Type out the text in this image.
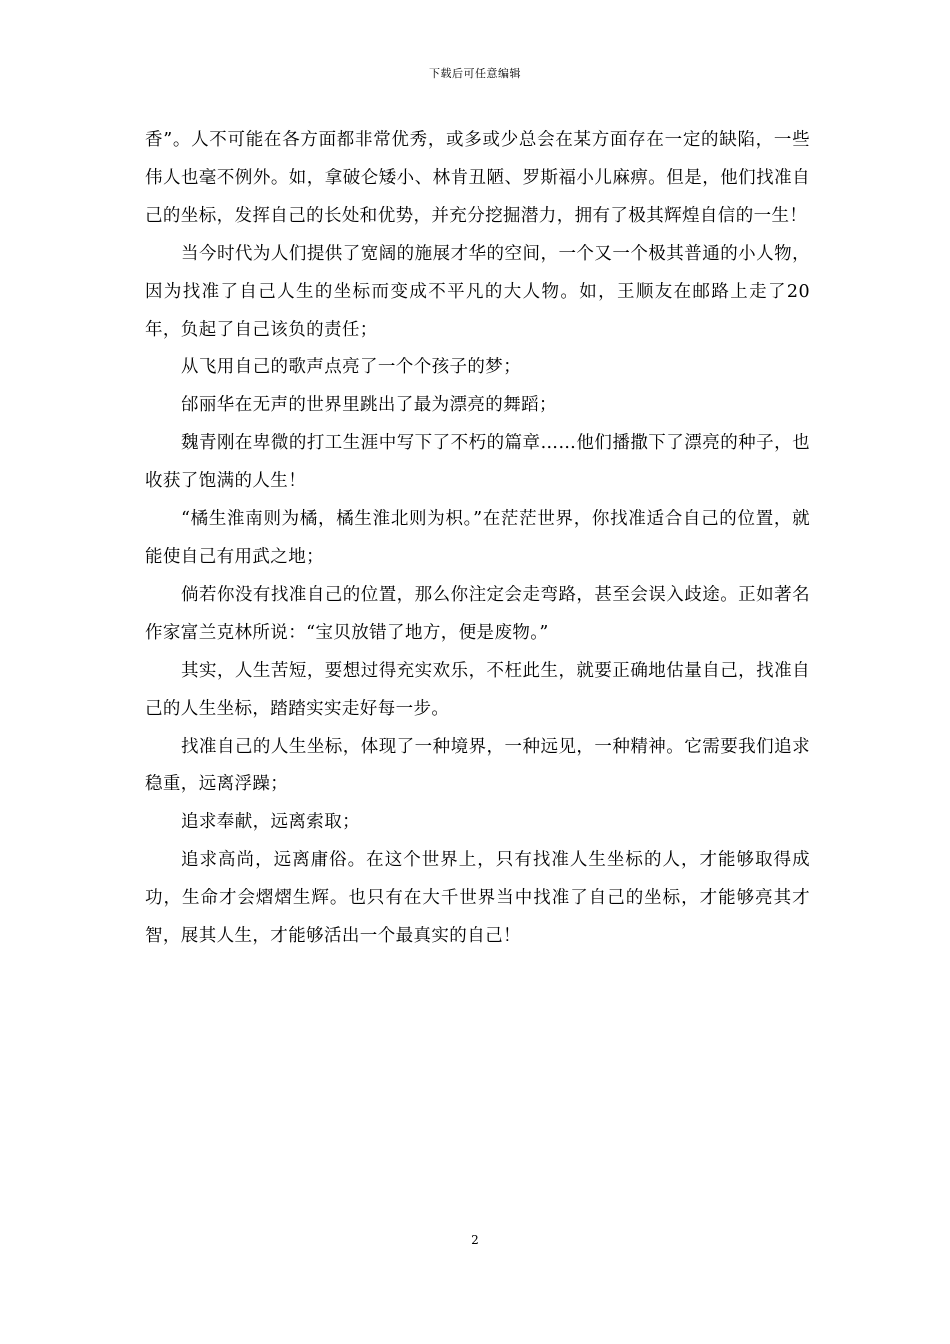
下载后可任意编辑

香”。人不可能在各方面都非常优秀，或多或少总会在某方面存在一定的缺陷，一些伟人也毫不例外。如，拿破仑矮小、林肯丑陋、罗斯福小儿麻痹。但是，他们找准自己的坐标，发挥自己的长处和优势，并充分挖掘潜力，拥有了极其辉煌自信的一生！

当今时代为人们提供了宽阔的施展才华的空间，一个又一个极其普通的小人物，因为找准了自己人生的坐标而变成不平凡的大人物。如，王顺友在邮路上走了20年，负起了自己该负的责任；

从飞用自己的歌声点亮了一个个孩子的梦；

邰丽华在无声的世界里跳出了最为漂亮的舞蹈；

魏青刚在卑微的打工生涯中写下了不朽的篇章……他们播撒下了漂亮的种子，也收获了饱满的人生！

“橘生淮南则为橘，橘生淮北则为枳。”在茫茫世界，你找准适合自己的位置，就能使自己有用武之地；

倘若你没有找准自己的位置，那么你注定会走弯路，甚至会误入歧途。正如著名作家富兰克林所说：“宝贝放错了地方，便是废物。”

其实，人生苦短，要想过得充实欢乐，不枉此生，就要正确地估量自己，找准自己的人生坐标，踏踏实实走好每一步。

找准自己的人生坐标，体现了一种境界，一种远见，一种精神。它需要我们追求稳重，远离浮躁；

追求奉献，远离索取；

追求高尚，远离庸俗。在这个世界上，只有找准人生坐标的人，才能够取得成功，生命才会熠熠生辉。也只有在大千世界当中找准了自己的坐标，才能够亮其才智，展其人生，才能够活出一个最真实的自己！

2
